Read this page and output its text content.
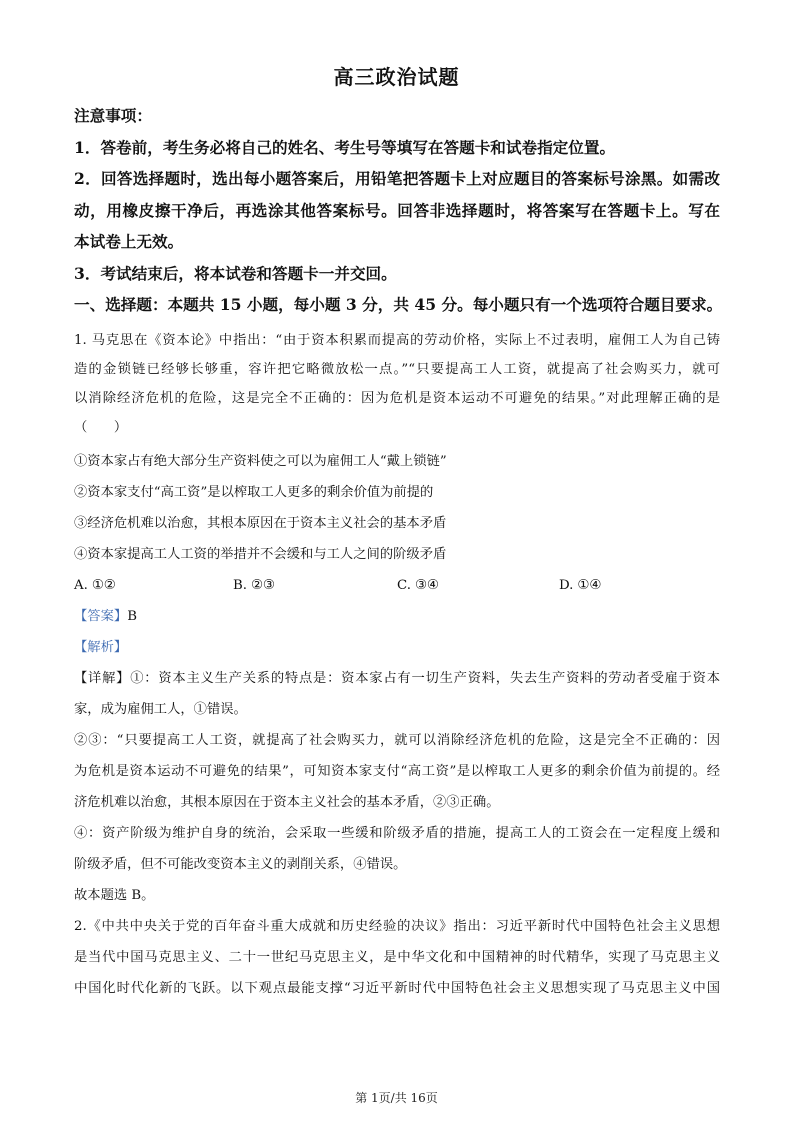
高三政治试题
注意事项：
1．答卷前，考生务必将自己的姓名、考生号等填写在答题卡和试卷指定位置。
2．回答选择题时，选出每小题答案后，用铅笔把答题卡上对应题目的答案标号涂黑。如需改
动，用橡皮擦干净后，再选涂其他答案标号。回答非选择题时，将答案写在答题卡上。写在
本试卷上无效。
3．考试结束后，将本试卷和答题卡一并交回。
一、选择题：本题共 15 小题，每小题 3 分，共 45 分。每小题只有一个选项符合题目要求。
1. 马克思在《资本论》中指出：“由于资本积累而提高的劳动价格，实际上不过表明，雇佣工人为自己铸
造的金锁链已经够长够重，容许把它略微放松一点。”“只要提高工人工资，就提高了社会购买力，就可
以消除经济危机的危险，这是完全不正确的：因为危机是资本运动不可避免的结果。”对此理解正确的是
（　　）
①资本家占有绝大部分生产资料使之可以为雇佣工人“戴上锁链”
②资本家支付“高工资”是以榨取工人更多的剩余价值为前提的
③经济危机难以治愈，其根本原因在于资本主义社会的基本矛盾
④资本家提高工人工资的举措并不会缓和与工人之间的阶级矛盾
A. ①②	B. ②③	C. ③④	D. ①④
【答案】B
【解析】
【详解】①：资本主义生产关系的特点是：资本家占有一切生产资料，失去生产资料的劳动者受雇于资本
家，成为雇佣工人，①错误。
②③：“只要提高工人工资，就提高了社会购买力，就可以消除经济危机的危险，这是完全不正确的：因
为危机是资本运动不可避免的结果”，可知资本家支付“高工资”是以榨取工人更多的剩余价值为前提的。经
济危机难以治愈，其根本原因在于资本主义社会的基本矛盾，②③正确。
④：资产阶级为维护自身的统治，会采取一些缓和阶级矛盾的措施，提高工人的工资会在一定程度上缓和
阶级矛盾，但不可能改变资本主义的剥削关系，④错误。
故本题选 B。
2.《中共中央关于党的百年奋斗重大成就和历史经验的决议》指出：习近平新时代中国特色社会主义思想
是当代中国马克思主义、二十一世纪马克思主义，是中华文化和中国精神的时代精华，实现了马克思主义
中国化时代化新的飞跃。以下观点最能支撑“习近平新时代中国特色社会主义思想实现了马克思主义中国
第 1页/共 16页
